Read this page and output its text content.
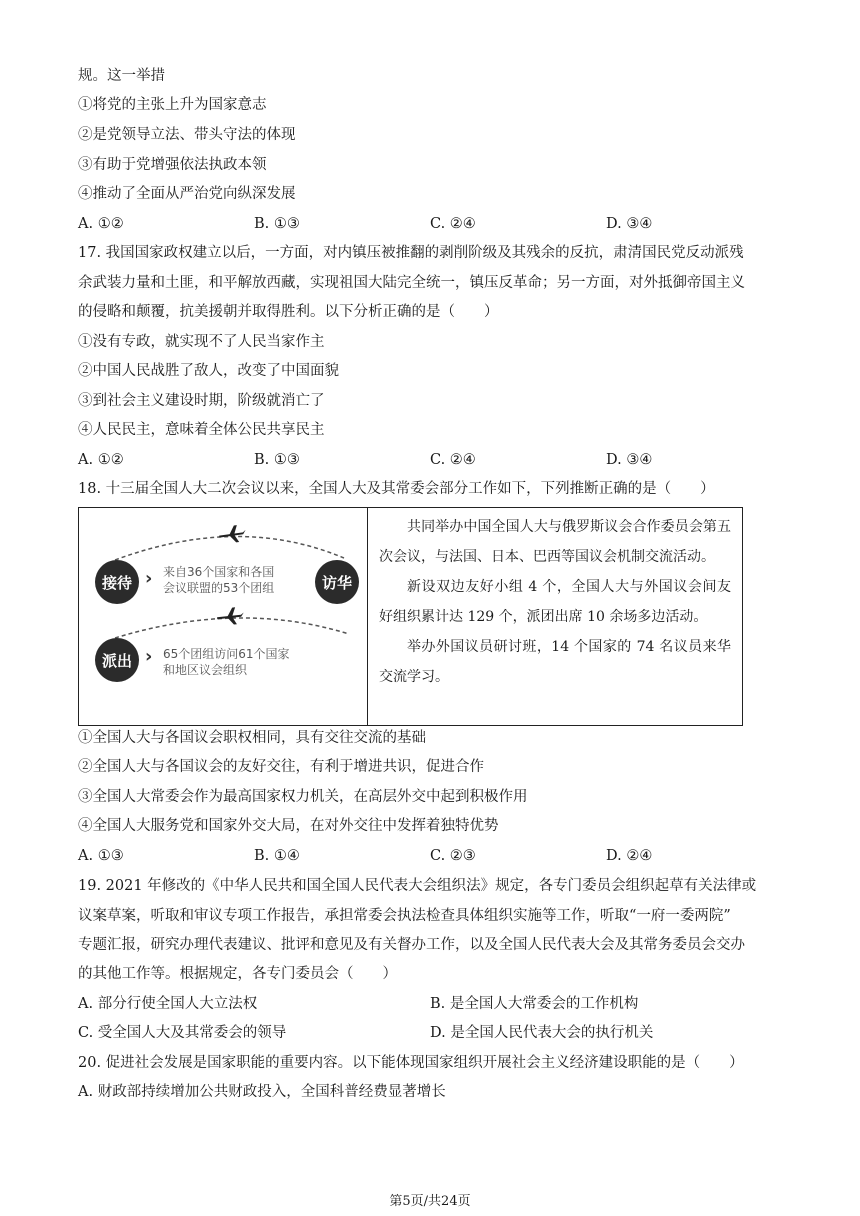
规。这一举措
①将党的主张上升为国家意志
②是党领导立法、带头守法的体现
③有助于党增强依法执政本领
④推动了全面从严治党向纵深发展
A. ①②	B. ①③	C. ②④	D. ③④
17. 我国国家政权建立以后，一方面，对内镇压被推翻的剥削阶级及其残余的反抗，肃清国民党反动派残
余武装力量和土匪，和平解放西藏，实现祖国大陆完全统一，镇压反革命；另一方面，对外抵御帝国主义
的侵略和颠覆，抗美援朝并取得胜利。以下分析正确的是（　　）
①没有专政，就实现不了人民当家作主
②中国人民战胜了敌人，改变了中国面貌
③到社会主义建设时期，阶级就消亡了
④人民民主，意味着全体公民共享民主
A. ①②	B. ①③	C. ②④	D. ③④
18. 十三届全国人大二次会议以来，全国人大及其常委会部分工作如下，下列推断正确的是（　　）
接待 › 来自36个国家和各国
会议联盟的53个团组	访华
派出 › 65个团组访问61个国家
和地区议会组织

共同举办中国全国人大与俄罗斯议会合作委员会第五次会议，与法国、日本、巴西等国议会机制交流活动。

新设双边友好小组 4 个，全国人大与外国议会间友好组织累计达 129 个，派团出席 10 余场多边活动。

举办外国议员研讨班，14 个国家的 74 名议员来华交流学习。

①全国人大与各国议会职权相同，具有交往交流的基础
②全国人大与各国议会的友好交往，有利于增进共识，促进合作
③全国人大常委会作为最高国家权力机关，在高层外交中起到积极作用
④全国人大服务党和国家外交大局，在对外交往中发挥着独特优势
A. ①③	B. ①④	C. ②③	D. ②④
19. 2021 年修改的《中华人民共和国全国人民代表大会组织法》规定，各专门委员会组织起草有关法律或
议案草案，听取和审议专项工作报告，承担常委会执法检查具体组织实施等工作，听取“一府一委两院”
专题汇报，研究办理代表建议、批评和意见及有关督办工作，以及全国人民代表大会及其常务委员会交办
的其他工作等。根据规定，各专门委员会（　　）
A. 部分行使全国人大立法权	B. 是全国人大常委会的工作机构
C. 受全国人大及其常委会的领导	D. 是全国人民代表大会的执行机关
20. 促进社会发展是国家职能的重要内容。以下能体现国家组织开展社会主义经济建设职能的是（　　）
A. 财政部持续增加公共财政投入，全国科普经费显著增长
第5页/共24页
